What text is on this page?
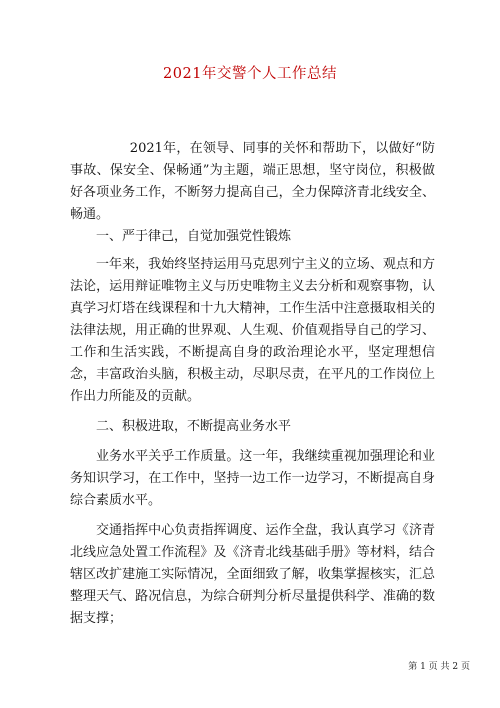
2021年交警个人工作总结

2021年，在领导、同事的关怀和帮助下，以做好“防事故、保安全、保畅通”为主题，端正思想，坚守岗位，积极做好各项业务工作，不断努力提高自己，全力保障济青北线安全、畅通。

一、严于律己，自觉加强党性锻炼

一年来，我始终坚持运用马克思列宁主义的立场、观点和方法论，运用辩证唯物主义与历史唯物主义去分析和观察事物，认真学习灯塔在线课程和十九大精神，工作生活中注意摄取相关的法律法规，用正确的世界观、人生观、价值观指导自己的学习、工作和生活实践，不断提高自身的政治理论水平，坚定理想信念，丰富政治头脑，积极主动，尽职尽责，在平凡的工作岗位上作出力所能及的贡献。

二、积极进取，不断提高业务水平

业务水平关乎工作质量。这一年，我继续重视加强理论和业务知识学习，在工作中，坚持一边工作一边学习，不断提高自身综合素质水平。

交通指挥中心负责指挥调度、运作全盘，我认真学习《济青北线应急处置工作流程》及《济青北线基础手册》等材料，结合辖区改扩建施工实际情况，全面细致了解，收集掌握核实，汇总整理天气、路况信息，为综合研判分析尽量提供科学、准确的数据支撑；

第 1 页 共 2 页
